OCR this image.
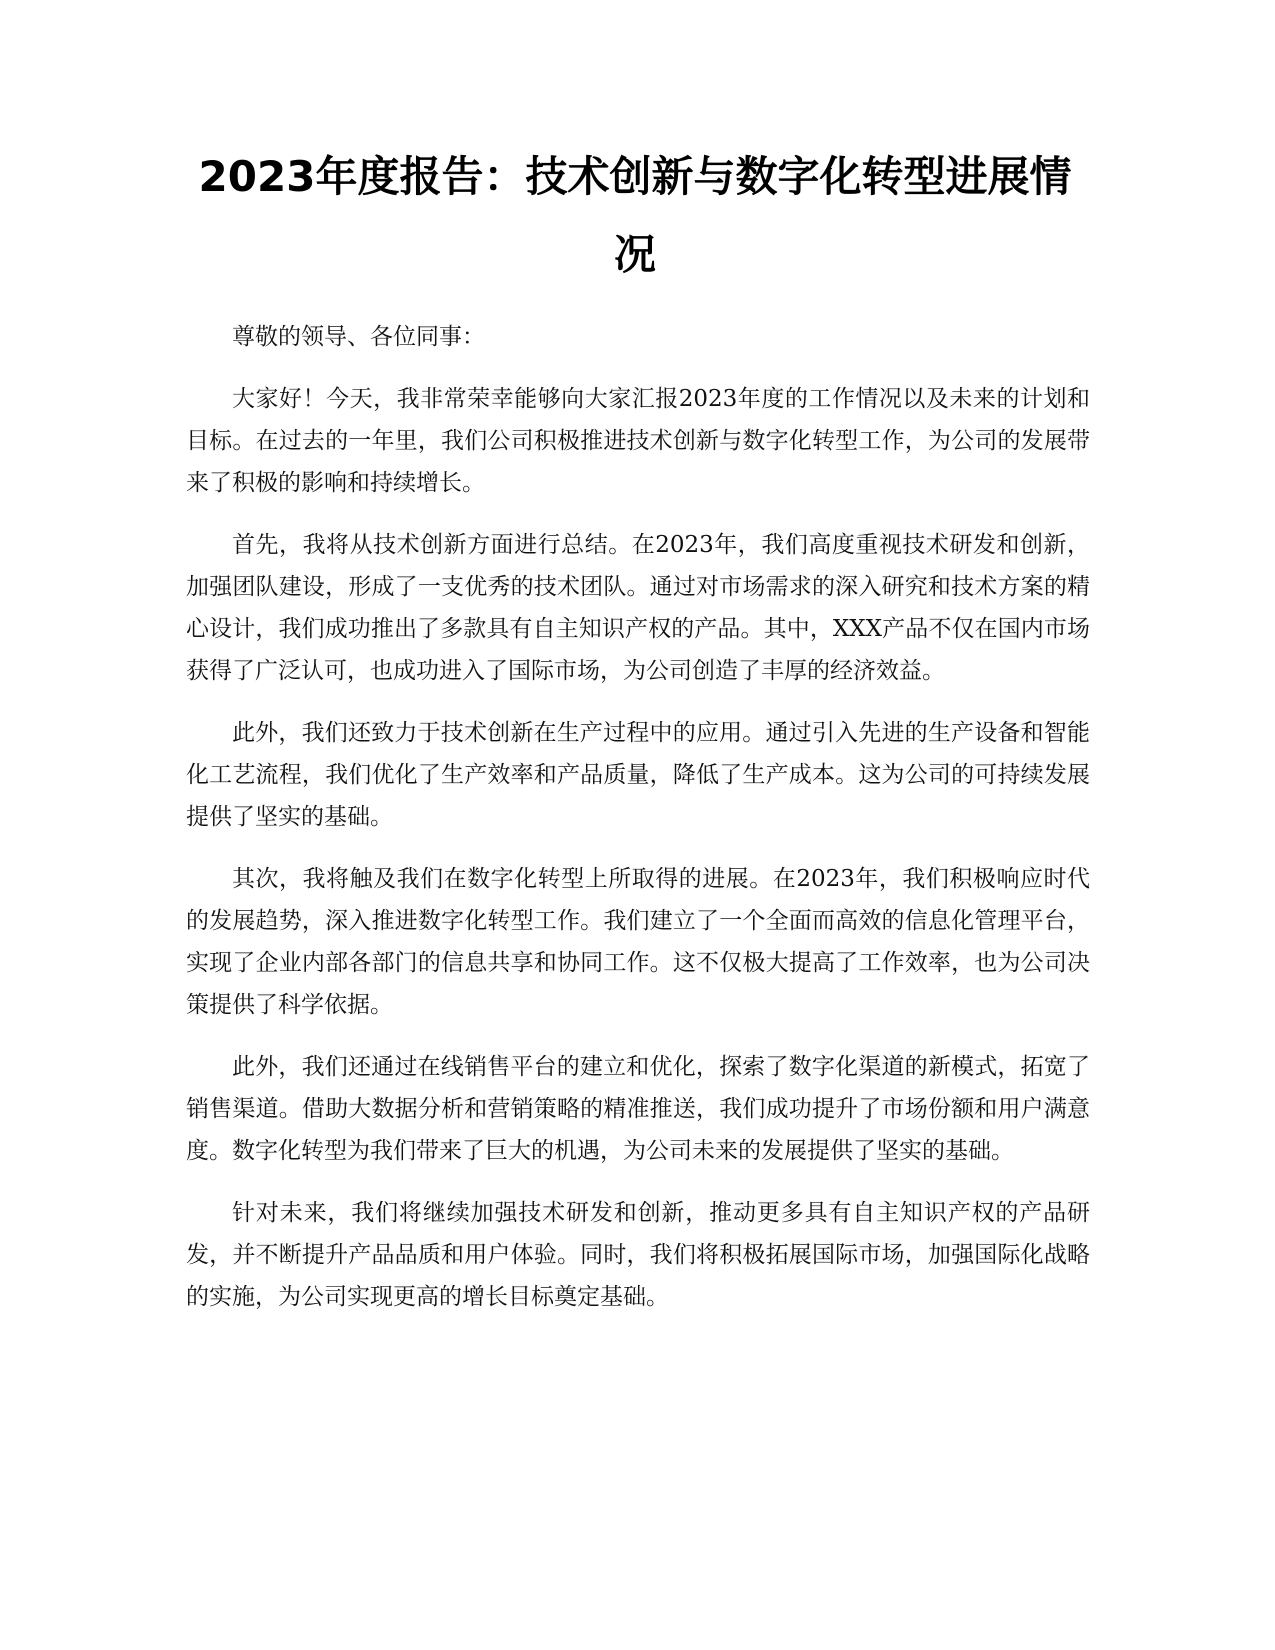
2023年度报告：技术创新与数字化转型进展情况

尊敬的领导、各位同事：

大家好！今天，我非常荣幸能够向大家汇报2023年度的工作情况以及未来的计划和目标。在过去的一年里，我们公司积极推进技术创新与数字化转型工作，为公司的发展带来了积极的影响和持续增长。

首先，我将从技术创新方面进行总结。在2023年，我们高度重视技术研发和创新，加强团队建设，形成了一支优秀的技术团队。通过对市场需求的深入研究和技术方案的精心设计，我们成功推出了多款具有自主知识产权的产品。其中，XXX产品不仅在国内市场获得了广泛认可，也成功进入了国际市场，为公司创造了丰厚的经济效益。

此外，我们还致力于技术创新在生产过程中的应用。通过引入先进的生产设备和智能化工艺流程，我们优化了生产效率和产品质量，降低了生产成本。这为公司的可持续发展提供了坚实的基础。

其次，我将触及我们在数字化转型上所取得的进展。在2023年，我们积极响应时代的发展趋势，深入推进数字化转型工作。我们建立了一个全面而高效的信息化管理平台，实现了企业内部各部门的信息共享和协同工作。这不仅极大提高了工作效率，也为公司决策提供了科学依据。

此外，我们还通过在线销售平台的建立和优化，探索了数字化渠道的新模式，拓宽了销售渠道。借助大数据分析和营销策略的精准推送，我们成功提升了市场份额和用户满意度。数字化转型为我们带来了巨大的机遇，为公司未来的发展提供了坚实的基础。

针对未来，我们将继续加强技术研发和创新，推动更多具有自主知识产权的产品研发，并不断提升产品品质和用户体验。同时，我们将积极拓展国际市场，加强国际化战略的实施，为公司实现更高的增长目标奠定基础。
